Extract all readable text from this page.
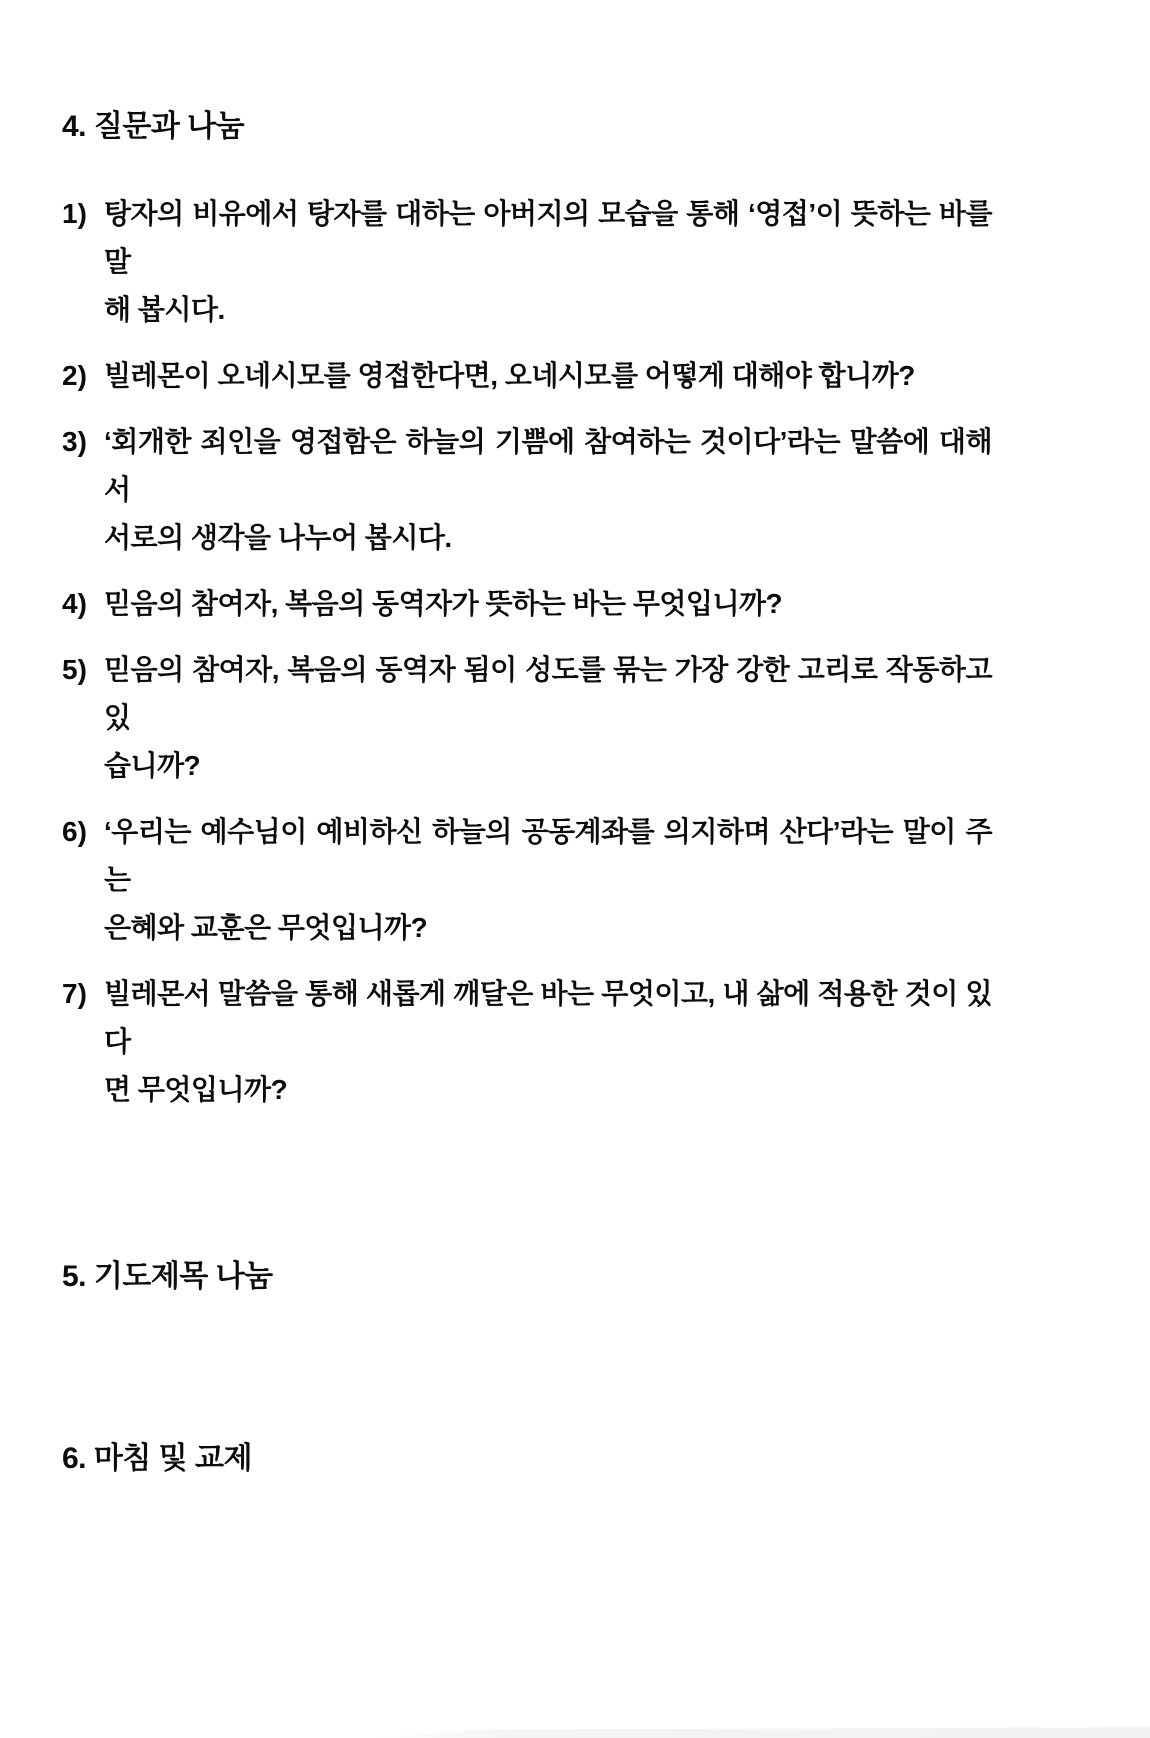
4. 질문과 나눔
1) 탕자의 비유에서 탕자를 대하는 아버지의 모습을 통해 ‘영접’이 뜻하는 바를 말
해 봅시다.
2) 빌레몬이 오네시모를 영접한다면, 오네시모를 어떻게 대해야 합니까?
3) ‘회개한 죄인을 영접함은 하늘의 기쁨에 참여하는 것이다’라는 말씀에 대해서
서로의 생각을 나누어 봅시다.
4) 믿음의 참여자, 복음의 동역자가 뜻하는 바는 무엇입니까?
5) 믿음의 참여자, 복음의 동역자 됨이 성도를 묶는 가장 강한 고리로 작동하고 있
습니까?
6) ‘우리는 예수님이 예비하신 하늘의 공동계좌를 의지하며 산다’라는 말이 주는
은혜와 교훈은 무엇입니까?
7) 빌레몬서 말씀을 통해 새롭게 깨달은 바는 무엇이고, 내 삶에 적용한 것이 있다
면 무엇입니까?
5. 기도제목 나눔
6. 마침 및 교제
